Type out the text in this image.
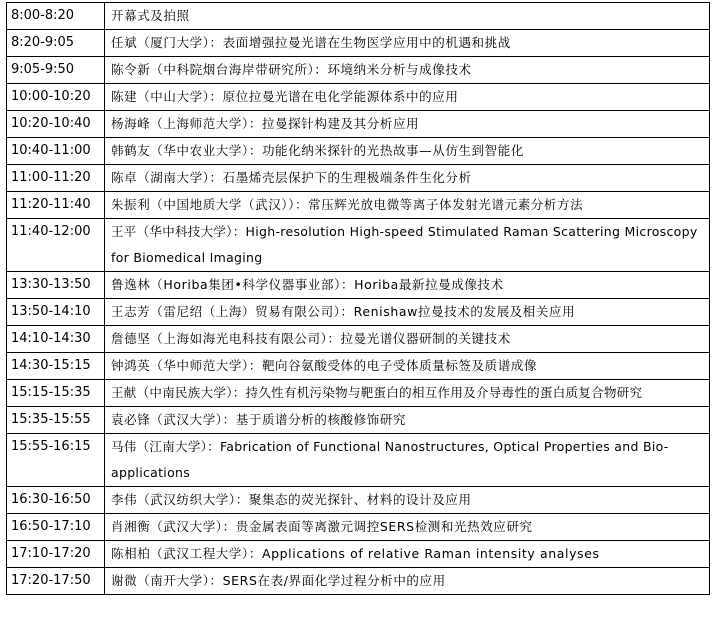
8:00-8:20	开幕式及拍照
8:20-9:05	任斌（厦门大学）：表面增强拉曼光谱在生物医学应用中的机遇和挑战
9:05-9:50	陈令新（中科院烟台海岸带研究所）：环境纳米分析与成像技术
10:00-10:20	陈建（中山大学）：原位拉曼光谱在电化学能源体系中的应用
10:20-10:40	杨海峰（上海师范大学）：拉曼探针构建及其分析应用
10:40-11:00	韩鹤友（华中农业大学）：功能化纳米探针的光热故事—从仿生到智能化
11:00-11:20	陈卓（湖南大学）：石墨烯壳层保护下的生理极端条件生化分析
11:20-11:40	朱振利（中国地质大学（武汉））：常压辉光放电微等离子体发射光谱元素分析方法
11:40-12:00	王平（华中科技大学）：High-resolution High-speed Stimulated Raman Scattering Microscopy for Biomedical Imaging
13:30-13:50	鲁逸林（Horiba集团•科学仪器事业部）：Horiba最新拉曼成像技术
13:50-14:10	王志芳（雷尼绍（上海）贸易有限公司）：Renishaw拉曼技术的发展及相关应用
14:10-14:30	詹德坚（上海如海光电科技有限公司）：拉曼光谱仪器研制的关键技术
14:30-15:15	钟鸿英（华中师范大学）：靶向谷氨酸受体的电子受体质量标签及质谱成像
15:15-15:35	王献（中南民族大学）：持久性有机污染物与靶蛋白的相互作用及介导毒性的蛋白质复合物研究
15:35-15:55	袁必锋（武汉大学）：基于质谱分析的核酸修饰研究
15:55-16:15	马伟（江南大学）：Fabrication of Functional Nanostructures, Optical Properties and Bio-applications
16:30-16:50	李伟（武汉纺织大学）：聚集态的荧光探针、材料的设计及应用
16:50-17:10	肖湘衡（武汉大学）：贵金属表面等离激元调控SERS检测和光热效应研究
17:10-17:20	陈相柏（武汉工程大学）：Applications of relative Raman intensity analyses
17:20-17:50	谢微（南开大学）：SERS在表/界面化学过程分析中的应用
